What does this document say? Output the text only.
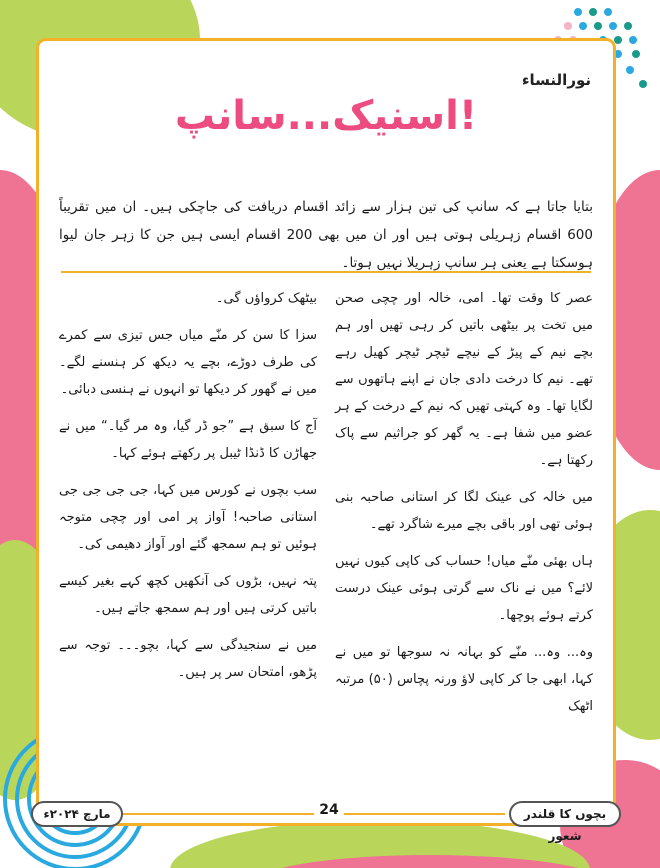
نورالنساء
اسنیک...سانپ!
بتایا جاتا ہے کہ سانپ کی تین ہزار سے زائد اقسام دریافت کی جاچکی ہیں۔ ان میں تقریباً 600 اقسام زہریلی ہوتی ہیں اور ان میں بھی 200 اقسام ایسی ہیں جن کا زہر جان لیوا ہوسکتا ہے یعنی ہر سانپ زہریلا نہیں ہوتا۔

عصر کا وقت تھا۔ امی، خالہ اور چچی صحن میں تخت پر بیٹھی باتیں کر رہی تھیں اور ہم بچے نیم کے پیڑ کے نیچے ٹیچر ٹیچر کھیل رہے تھے۔ نیم کا درخت دادی جان نے اپنے ہاتھوں سے لگایا تھا۔ وہ کہتی تھیں کہ نیم کے درخت کے ہر عضو میں شفا ہے۔ یہ گھر کو جراثیم سے پاک رکھتا ہے۔

میں خالہ کی عینک لگا کر استانی صاحبہ بنی ہوئی تھی اور باقی بچے میرے شاگرد تھے۔

ہاں بھئی منّے میاں! حساب کی کاپی کیوں نہیں لائے؟ میں نے ناک سے گرتی ہوئی عینک درست کرتے ہوئے پوچھا۔

وہ... وہ... منّے کو بہانہ نہ سوجھا تو میں نے کہا، ابھی جا کر کاپی لاؤ ورنہ پچاس (۵۰) مرتبہ اٹھک

بیٹھک کرواؤں گی۔

سزا کا سن کر منّے میاں جس تیزی سے کمرے کی طرف دوڑے، بچے یہ دیکھ کر ہنسنے لگے۔ میں نے گھور کر دیکھا تو انہوں نے ہنسی دبائی۔

آج کا سبق ہے ”جو ڈر گیا، وہ مر گیا۔“ میں نے جھاڑن کا ڈنڈا ٹیبل پر رکھتے ہوئے کہا۔

سب بچوں نے کورس میں کہا، جی جی جی جی استانی صاحبہ! آواز پر امی اور چچی متوجہ ہوئیں تو ہم سمجھ گئے اور آواز دھیمی کی۔

پتہ نہیں، بڑوں کی آنکھیں کچھ کہے بغیر کیسے باتیں کرتی ہیں اور ہم سمجھ جاتے ہیں۔

میں نے سنجیدگی سے کہا، بچو۔۔۔ توجہ سے پڑھو، امتحان سر پر ہیں۔

24
مارچ ۲۰۲۴ء	بچوں کا قلندر شعور
